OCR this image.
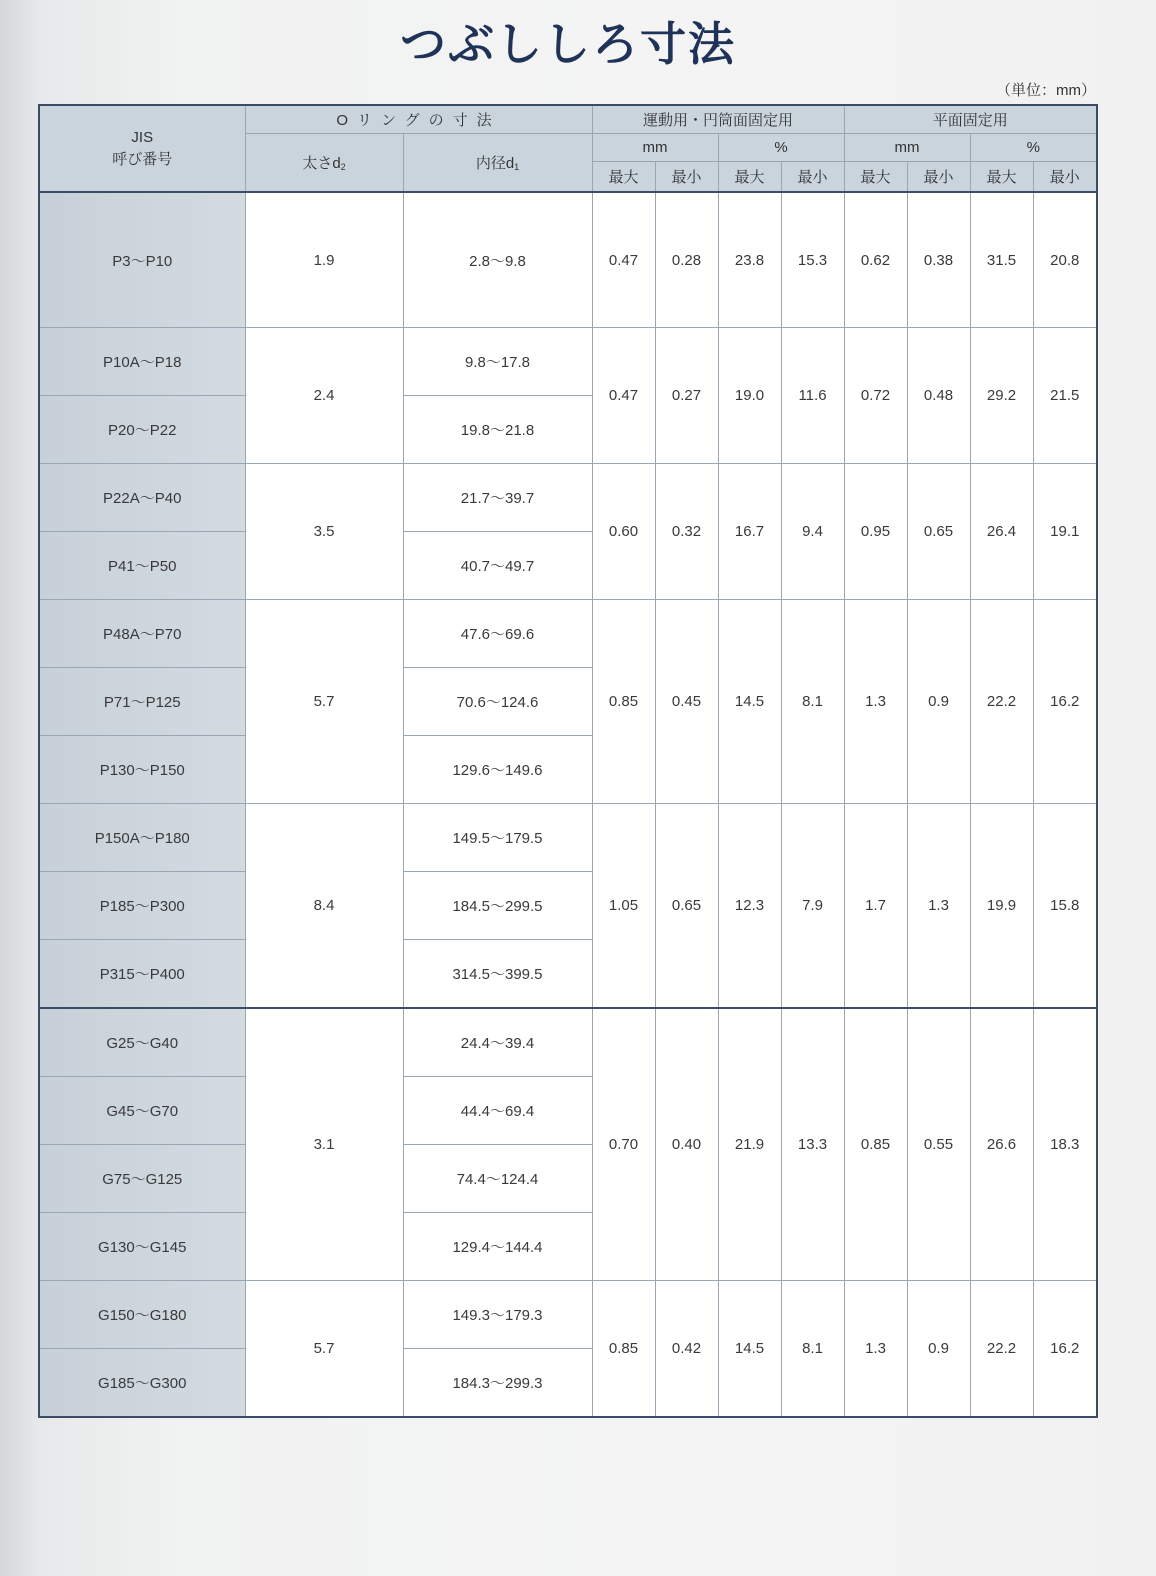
つぶししろ寸法
（単位：mm）
JIS
呼び番号	Oリングの寸法		運動用・円筒面固定用				平面固定用			
	太さ$d_2$	内径$d_1$	mm		%		mm		%	
			最大	最小	最大	最小	最大	最小	最大	最小
P3〜P10	1.9	2.8〜9.8	0.47	0.28	23.8	15.3	0.62	0.38	31.5	20.8
P10A〜P18	2.4	9.8〜17.8	0.47	0.27	19.0	11.6	0.72	0.48	29.2	21.5
P20〜P22		19.8〜21.8								
P22A〜P40	3.5	21.7〜39.7	0.60	0.32	16.7	9.4	0.95	0.65	26.4	19.1
P41〜P50		40.7〜49.7								
P48A〜P70	5.7	47.6〜69.6	0.85	0.45	14.5	8.1	1.3	0.9	22.2	16.2
P71〜P125		70.6〜124.6								
P130〜P150		129.6〜149.6								
P150A〜P180	8.4	149.5〜179.5	1.05	0.65	12.3	7.9	1.7	1.3	19.9	15.8
P185〜P300		184.5〜299.5								
P315〜P400		314.5〜399.5								
G25〜G40	3.1	24.4〜39.4	0.70	0.40	21.9	13.3	0.85	0.55	26.6	18.3
G45〜G70		44.4〜69.4								
G75〜G125		74.4〜124.4								
G130〜G145		129.4〜144.4								
G150〜G180	5.7	149.3〜179.3	0.85	0.42	14.5	8.1	1.3	0.9	22.2	16.2
G185〜G300		184.3〜299.3								
